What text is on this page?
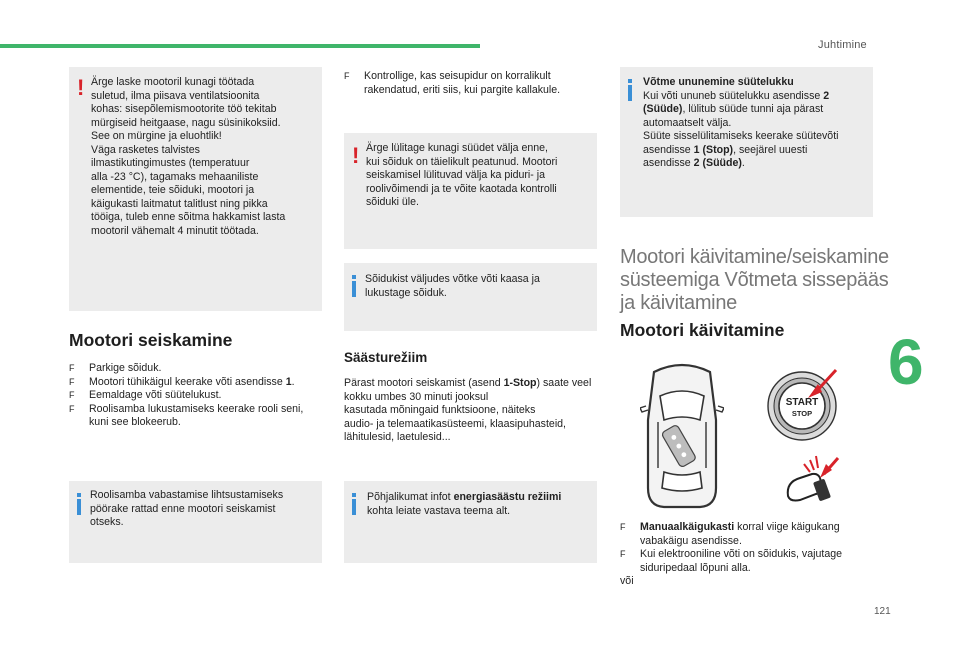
Juhtimine
6
121
! Ärge laske mootoril kunagi töötada

suletud, ilma piisava ventilatsioonita

kohas: sisepõlemismootorite töö tekitab

mürgiseid heitgaase, nagu süsinikoksiid.

See on mürgine ja eluohtlik!

Väga rasketes talvistes

ilmastikutingimustes (temperatuur

alla -23 °C), tagamaks mehaaniliste

elementide, teie sõiduki, mootori ja

käigukasti laitmatut talitlust ning pikka

tööiga, tuleb enne sõitma hakkamist lasta

mootoril vähemalt 4 minutit töötada.

Mootori seiskamine
F Parkige sõiduk.
F Mootori tühikäigul keerake võti asendisse 1.
F Eemaldage võti süütelukust.
F Roolisamba lukustamiseks keerake rooli seni, kuni see blokeerub.

Roolisamba vabastamise lihtsustamiseks

pöörake rattad enne mootori seiskamist

otseks.

F Kontrollige, kas seisupidur on korralikult rakendatud, eriti siis, kui pargite kallakule.
! Ärge lülitage kunagi süüdet välja enne,

kui sõiduk on täielikult peatunud. Mootori

seiskamisel lülituvad välja ka piduri- ja

roolivõimendi ja te võite kaotada kontrolli

sõiduki üle.

Sõidukist väljudes võtke võti kaasa ja

lukustage sõiduk.

Säästurežiim
Pärast mootori seiskamist (asend 1-Stop) saate veel kokku umbes 30 minuti jooksul
kasutada mõningaid funktsioone, näiteks
audio- ja telemaatikasüsteemi, klaasipuhasteid,
lähitulesid, laetulesid...

Põhjalikumat infot energiasäästu režiimi

kohta leiate vastava teema alt.

Võtme ununemine süütelukku

Kui võti ununeb süütelukku asendisse 2

(Süüde), lülitub süüde tunni aja pärast

automaatselt välja.

Süüte sisselülitamiseks keerake süütevõti

asendisse 1 (Stop), seejärel uuesti

asendisse 2 (Süüde).

Mootori käivitamine/seiskamine
süsteemiga Võtmeta sissepääs
ja käivitamine
Mootori käivitamine
START
STOP
F Manuaalkäigukasti korral viige käigukang vabakäigu asendisse.
F Kui elektrooniline võti on sõidukis, vajutage siduripedaal lõpuni alla.
või
